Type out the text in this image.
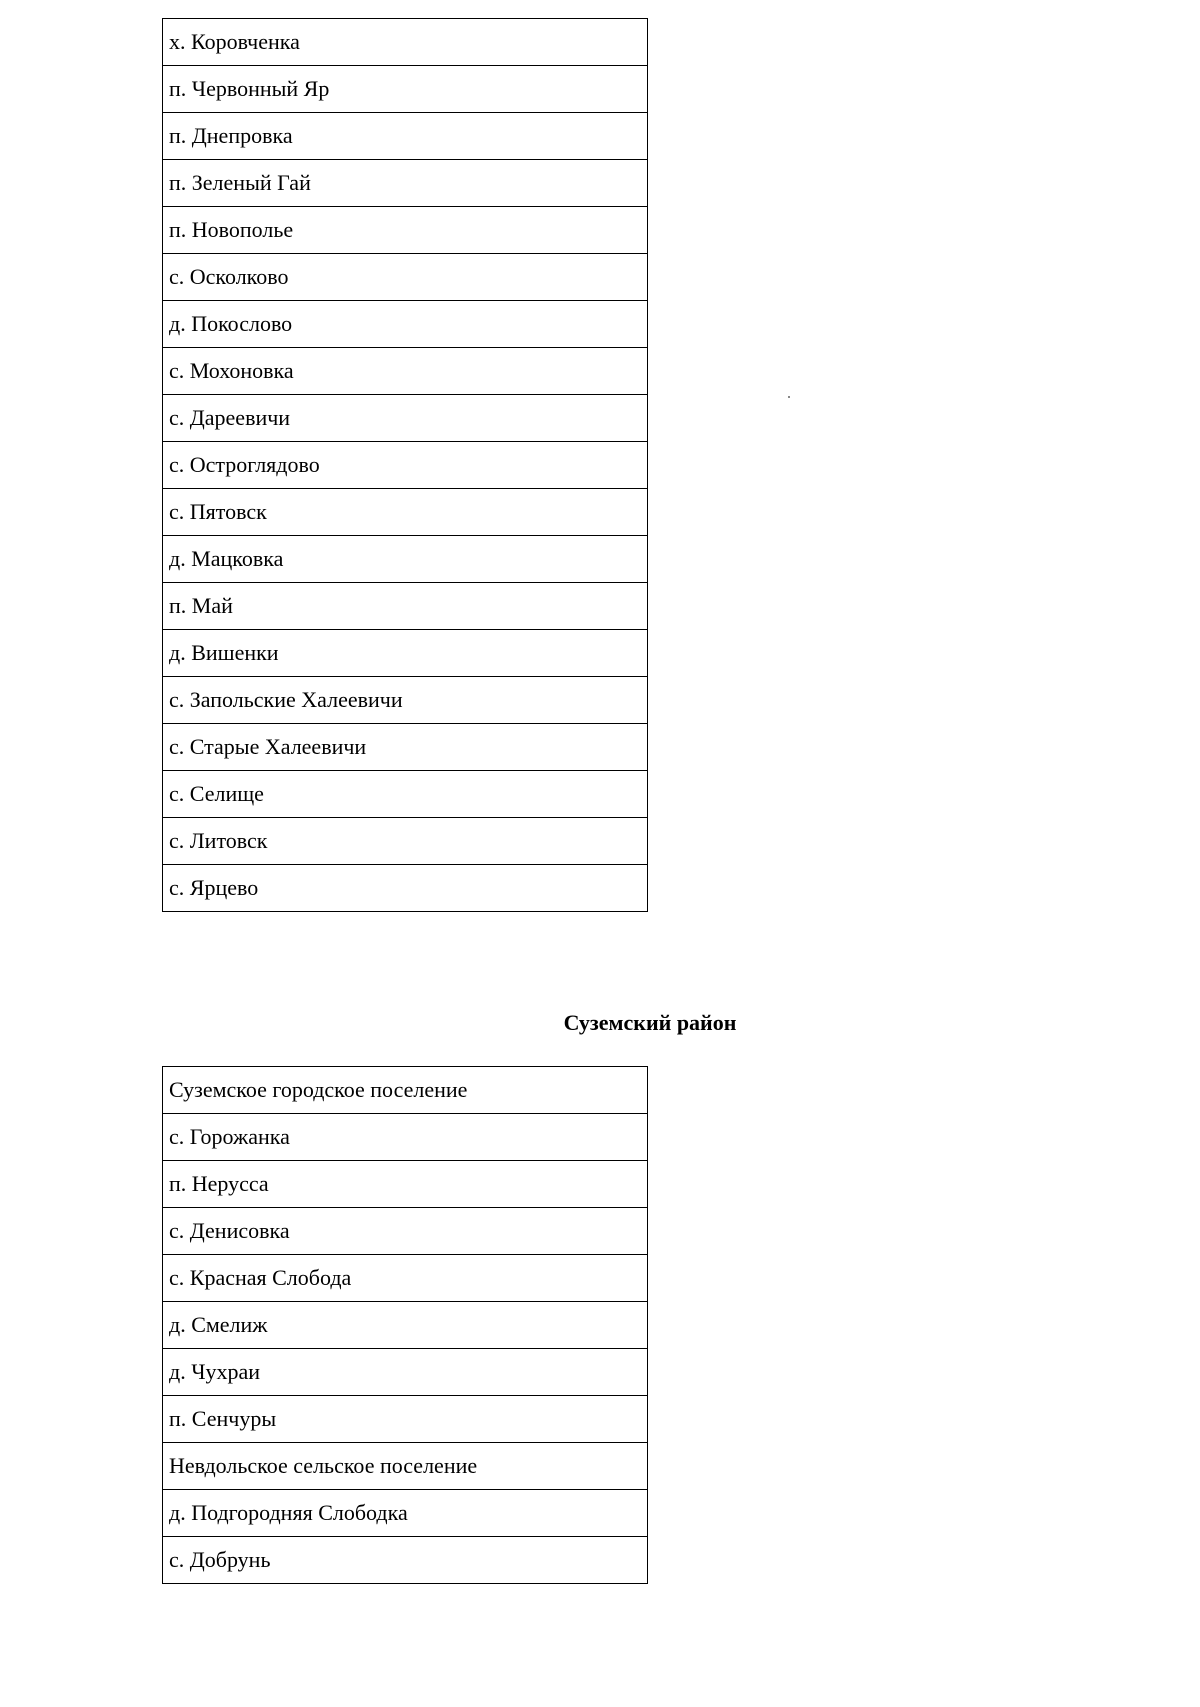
х. Коровченка
п. Червонный Яр
п. Днепровка
п. Зеленый Гай
п. Новополье
с. Осколково
д. Покослово
с. Мохоновка
с. Дареевичи
с. Остроглядово
с. Пятовск
д. Мацковка
п. Май
д. Вишенки
с. Запольские Халеевичи
с. Старые Халеевичи
с. Селище
с. Литовск
с. Ярцево
Суземский район
Суземское городское поселение
с. Горожанка
п. Нерусса
с. Денисовка
с. Красная Слобода
д. Смелиж
д. Чухраи
п. Сенчуры
Невдольское сельское поселение
д. Подгородняя Слободка
с. Добрунь
